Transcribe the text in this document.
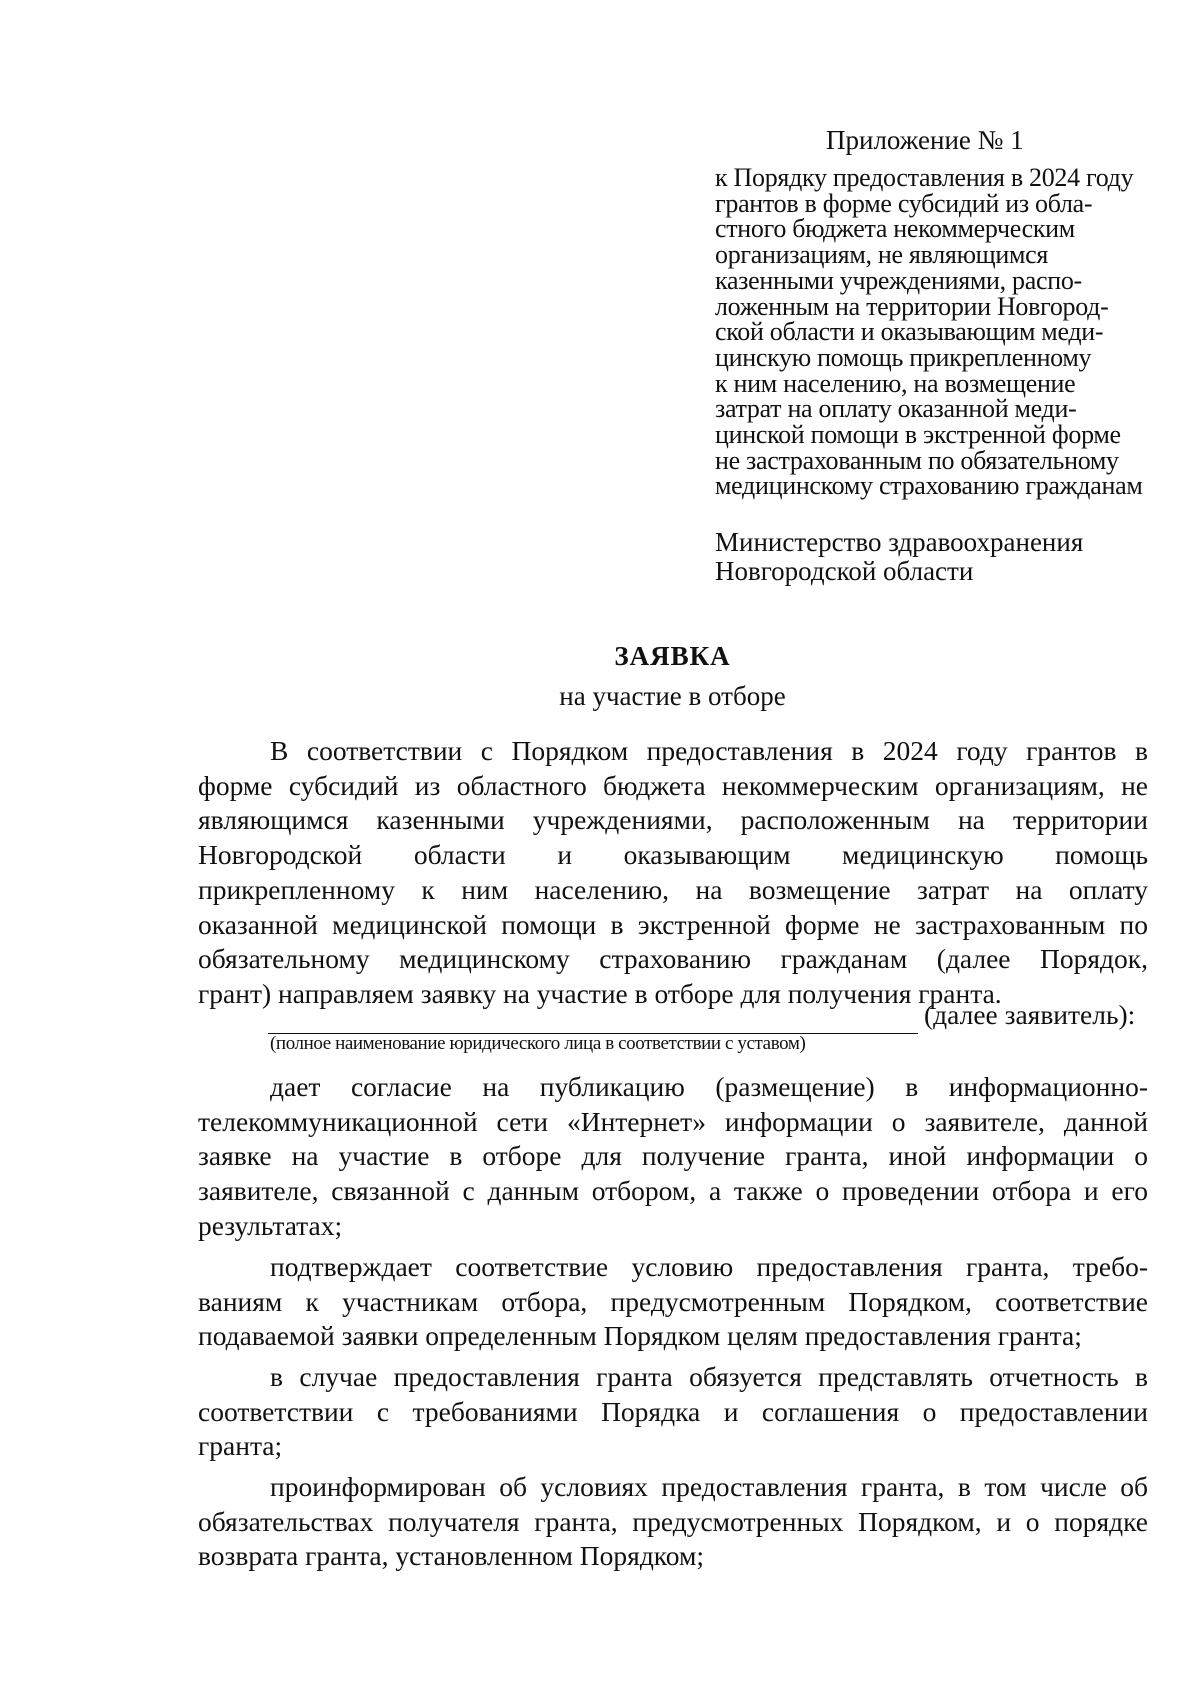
Приложение № 1
к Порядку предоставления в 2024 году
грантов в форме субсидий из обла-
стного бюджета некоммерческим
организациям, не являющимся
казенными учреждениями, распо-
ложенным на территории Новгород-
ской области и оказывающим меди-
цинскую помощь прикрепленному
к ним населению, на возмещение
затрат на оплату оказанной меди-
цинской помощи в экстренной форме
не застрахованным по обязательному
медицинскому страхованию гражданам
Министерство здравоохранения
Новгородской области
ЗАЯВКА
на участие в отборе
В соответствии с Порядком предоставления в 2024 году грантов в
форме субсидий из областного бюджета некоммерческим организациям, не
являющимся казенными учреждениями, расположенным на территории
Новгородской области и оказывающим медицинскую помощь
прикрепленному к ним населению, на возмещение затрат на оплату
оказанной медицинской помощи в экстренной форме не застрахованным по
обязательному медицинскому страхованию гражданам (далее Порядок,
грант) направляем заявку на участие в отборе для получения гранта.
(далее заявитель):
(полное наименование юридического лица в соответствии с уставом)
дает согласие на публикацию (размещение) в информационно-
телекоммуникационной сети «Интернет» информации о заявителе, данной
заявке на участие в отборе для получение гранта, иной информации о
заявителе, связанной с данным отбором, а также о проведении отбора и его
результатах;
подтверждает соответствие условию предоставления гранта, требо-
ваниям к участникам отбора, предусмотренным Порядком, соответствие
подаваемой заявки определенным Порядком целям предоставления гранта;
в случае предоставления гранта обязуется представлять отчетность в
соответствии с требованиями Порядка и соглашения о предоставлении
гранта;
проинформирован об условиях предоставления гранта, в том числе об
обязательствах получателя гранта, предусмотренных Порядком, и о порядке
возврата гранта, установленном Порядком;
